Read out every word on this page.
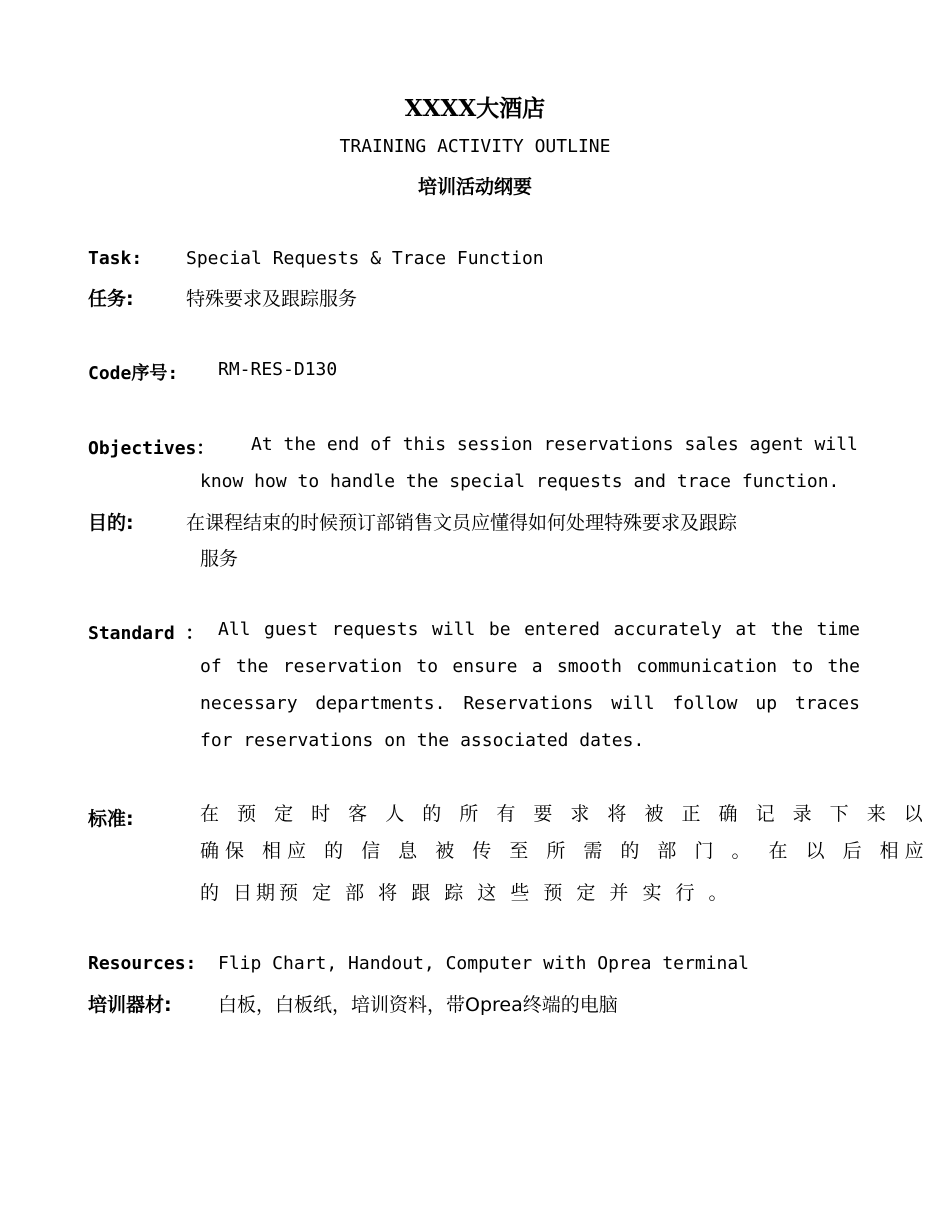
XXXX大酒店
TRAINING ACTIVITY OUTLINE
培训活动纲要
Task: Special Requests & Trace Function
任务:	特殊要求及跟踪服务
Code序号: RM-RES-D130
Objectives： At the end of this session reservations sales agent will
know how to handle the special requests and trace function.
目的:	在课程结束的时候预订部销售文员应懂得如何处理特殊要求及跟踪
服务
Standard ： All guest requests will be entered accurately at the time
of the reservation to ensure a smooth communication to the
necessary departments. Reservations will follow up traces
for reservations on the associated dates.
标准:	在 预 定 时 客 人 的 所 有 要 求 将 被 正 确 记 录 下 来 以
确保 相应 的 信 息 被 传 至 所 需 的 部 门 。 在 以 后 相应
的 日期预 定 部 将 跟 踪 这 些 预 定 并 实 行 。
Resources: Flip Chart, Handout, Computer with Oprea terminal
培训器材: 白板，白板纸，培训资料，带Oprea终端的电脑
